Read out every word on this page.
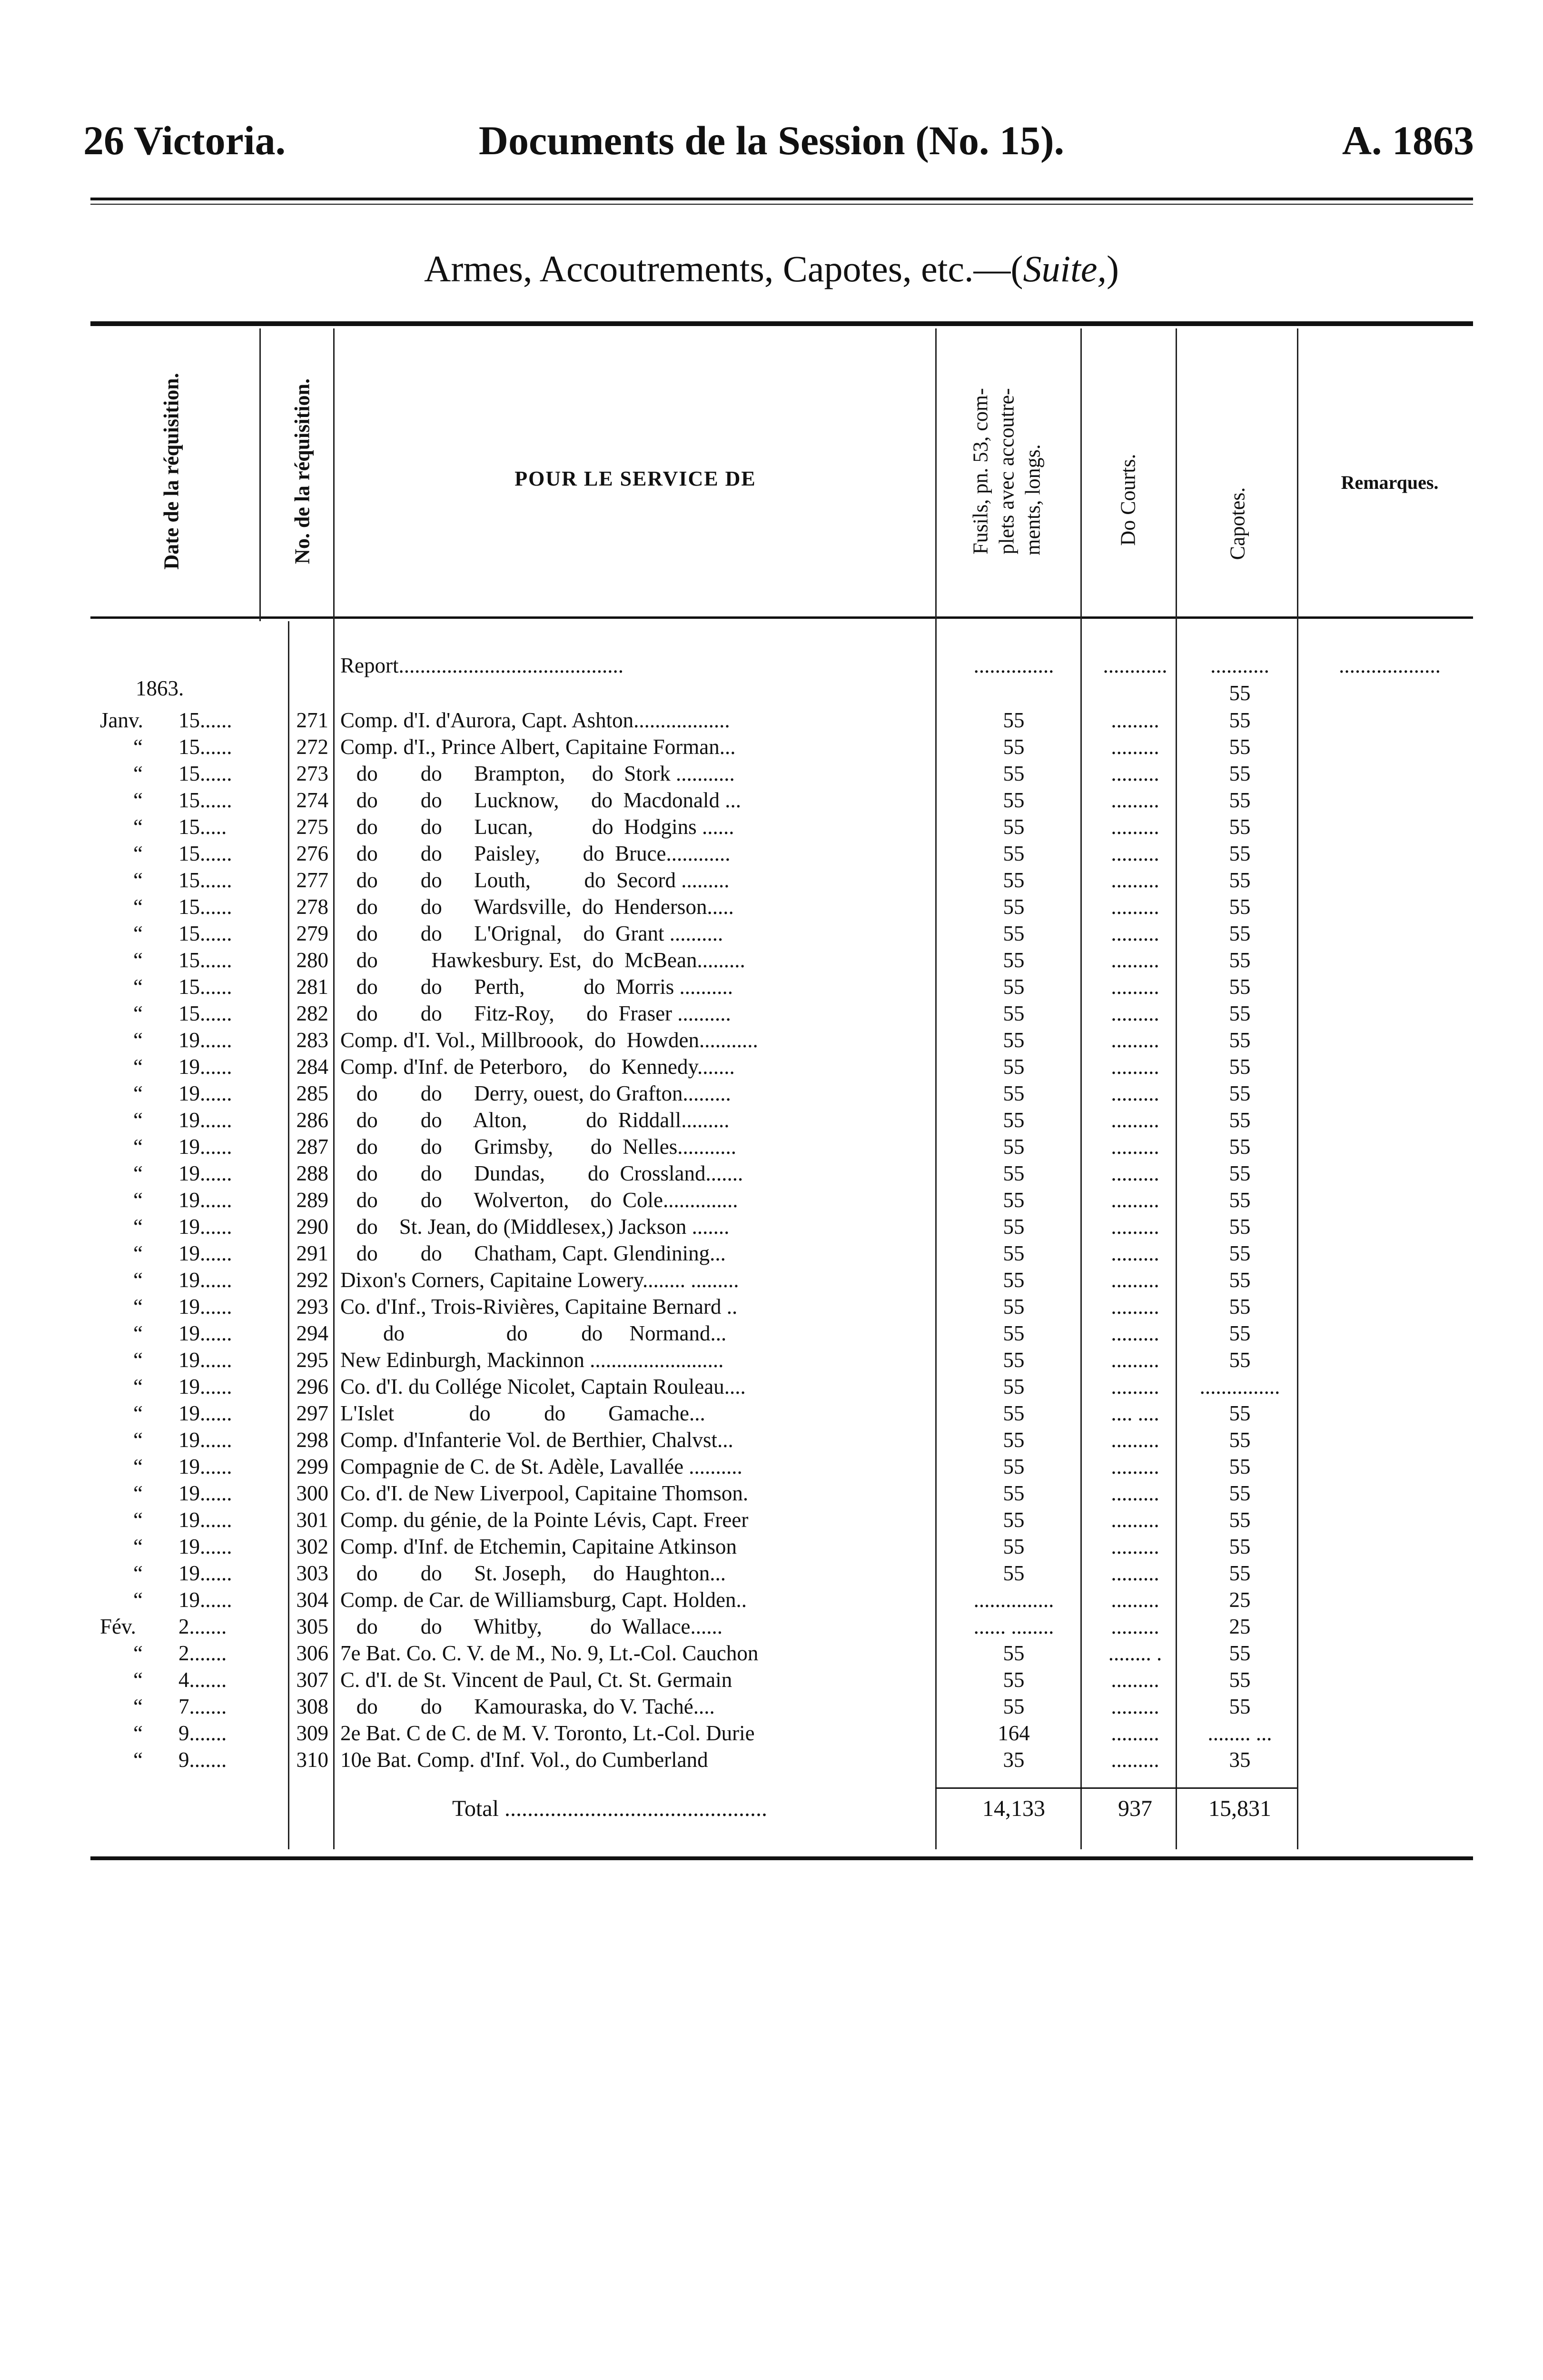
26 Victoria.	Documents de la Session (No. 15).	A. 1863
Armes, Accoutrements, Capotes, etc.—(Suite,)
Date de la réquisition.	No. de la réquisition.	POUR LE SERVICE DE	Fusils, pn. 53, com- plets avec accoutre- ments, longs.	Do Courts.	Capotes.
Remarques.
Report..........................................	...............	............	...........	...................
55
1863.
Janv. 15......	271 Comp. d'I. d'Aurora, Capt. Ashton..................	55	.........	55
“ 15......	272 Comp. d'I., Prince Albert, Capitaine Forman...	55	.........	55
“ 15......	273 do        do      Brampton,     do  Stork ...........	55	.........	55
“ 15......	274 do        do      Lucknow,      do  Macdonald ...	55	.........	55
“ 15.....	275 do        do      Lucan,           do  Hodgins ......	55	.........	55
“ 15......	276 do        do      Paisley,        do  Bruce............	55	.........	55
“ 15......	277 do        do      Louth,          do  Secord .........	55	.........	55
“ 15......	278 do        do      Wardsville,  do  Henderson.....	55	.........	55
“ 15......	279 do        do      L'Orignal,    do  Grant ..........	55	.........	55
“ 15......	280 do          Hawkesbury. Est,  do  McBean.........	55	.........	55
“ 15......	281 do        do      Perth,           do  Morris ..........	55	.........	55
“ 15......	282 do        do      Fitz-Roy,      do  Fraser ..........	55	.........	55
“ 19......	283 Comp. d'I. Vol., Millbroook,  do  Howden...........	55	.........	55
“ 19......	284 Comp. d'Inf. de Peterboro,    do  Kennedy.......	55	.........	55
“ 19......	285 do        do      Derry, ouest, do Grafton.........	55	.........	55
“ 19......	286 do        do      Alton,           do  Riddall.........	55	.........	55
“ 19......	287 do        do      Grimsby,       do  Nelles...........	55	.........	55
“ 19......	288 do        do      Dundas,        do  Crossland.......	55	.........	55
“ 19......	289 do        do      Wolverton,    do  Cole..............	55	.........	55
“ 19......	290 do    St. Jean, do (Middlesex,) Jackson .......	55	.........	55
“ 19......	291 do        do      Chatham, Capt. Glendining...	55	.........	55
“ 19......	292 Dixon's Corners, Capitaine Lowery........ .........	55	.........	55
“ 19......	293 Co. d'Inf., Trois-Rivières, Capitaine Bernard ..	55	.........	55
“ 19......	294 do                   do          do     Normand...	55	.........	55
“ 19......	295 New Edinburgh, Mackinnon .........................	55	.........	55
“ 19......	296 Co. d'I. du Collége Nicolet, Captain Rouleau....	55	.........	...............
“ 19......	297 L'Islet              do          do        Gamache...	55	.... ....	55
“ 19......	298 Comp. d'Infanterie Vol. de Berthier, Chalvst...	55	.........	55
“ 19......	299 Compagnie de C. de St. Adèle, Lavallée ..........	55	.........	55
“ 19......	300 Co. d'I. de New Liverpool, Capitaine Thomson.	55	.........	55
“ 19......	301 Comp. du génie, de la Pointe Lévis, Capt. Freer	55	.........	55
“ 19......	302 Comp. d'Inf. de Etchemin, Capitaine Atkinson	55	.........	55
“ 19......	303 do        do      St. Joseph,     do  Haughton...	55	.........	55
“ 19......	304 Comp. de Car. de Williamsburg, Capt. Holden..	...............	.........	25
Fév. 2.......	305 do        do      Whitby,         do  Wallace......	...... ........	.........	25
“ 2.......	306 7e Bat. Co. C. V. de M., No. 9, Lt.-Col. Cauchon	55	........ .	55
“ 4.......	307 C. d'I. de St. Vincent de Paul, Ct. St. Germain	55	.........	55
“ 7.......	308 do        do      Kamouraska, do V. Taché....	55	.........	55
“ 9.......	309 2e Bat. C de C. de M. V. Toronto, Lt.-Col. Durie	164	.........	........ ...
“ 9.......	310 10e Bat. Comp. d'Inf. Vol., do Cumberland	35	.........	35
Total ..............................................	14,133	937	15,831
